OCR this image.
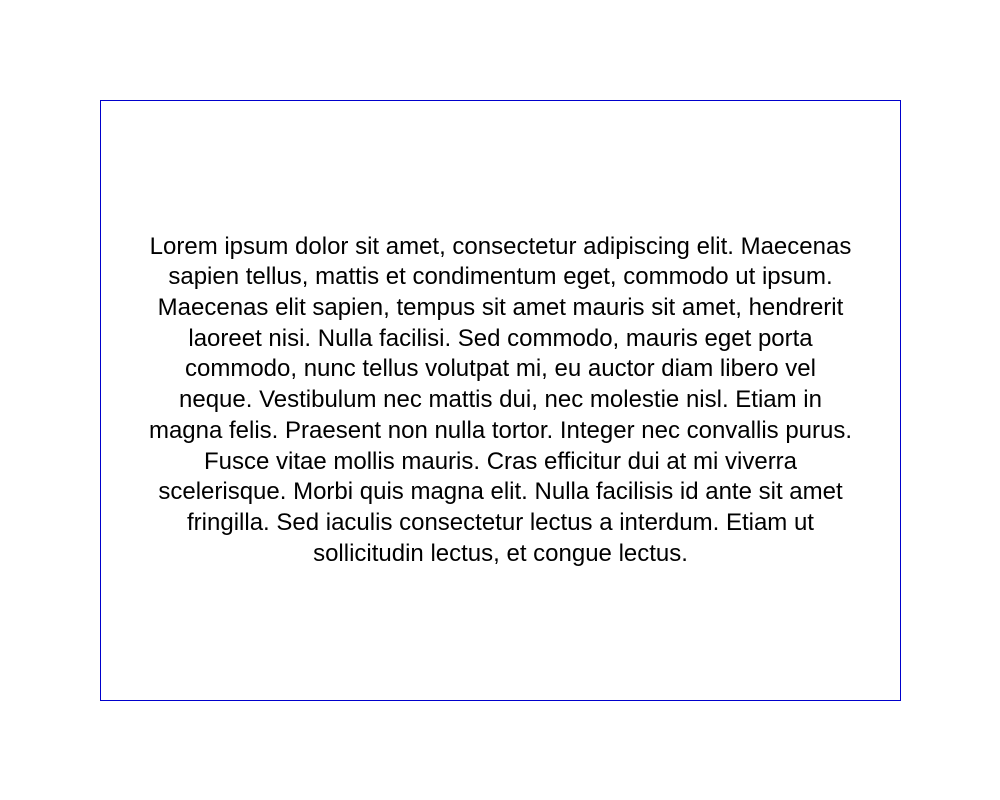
Lorem ipsum dolor sit amet, consectetur adipiscing elit. Maecenas
sapien tellus, mattis et condimentum eget, commodo ut ipsum.
Maecenas elit sapien, tempus sit amet mauris sit amet, hendrerit
laoreet nisi. Nulla facilisi. Sed commodo, mauris eget porta
commodo, nunc tellus volutpat mi, eu auctor diam libero vel
neque. Vestibulum nec mattis dui, nec molestie nisl. Etiam in
magna felis. Praesent non nulla tortor. Integer nec convallis purus.
Fusce vitae mollis mauris. Cras efficitur dui at mi viverra
scelerisque. Morbi quis magna elit. Nulla facilisis id ante sit amet
fringilla. Sed iaculis consectetur lectus a interdum. Etiam ut
sollicitudin lectus, et congue lectus.
